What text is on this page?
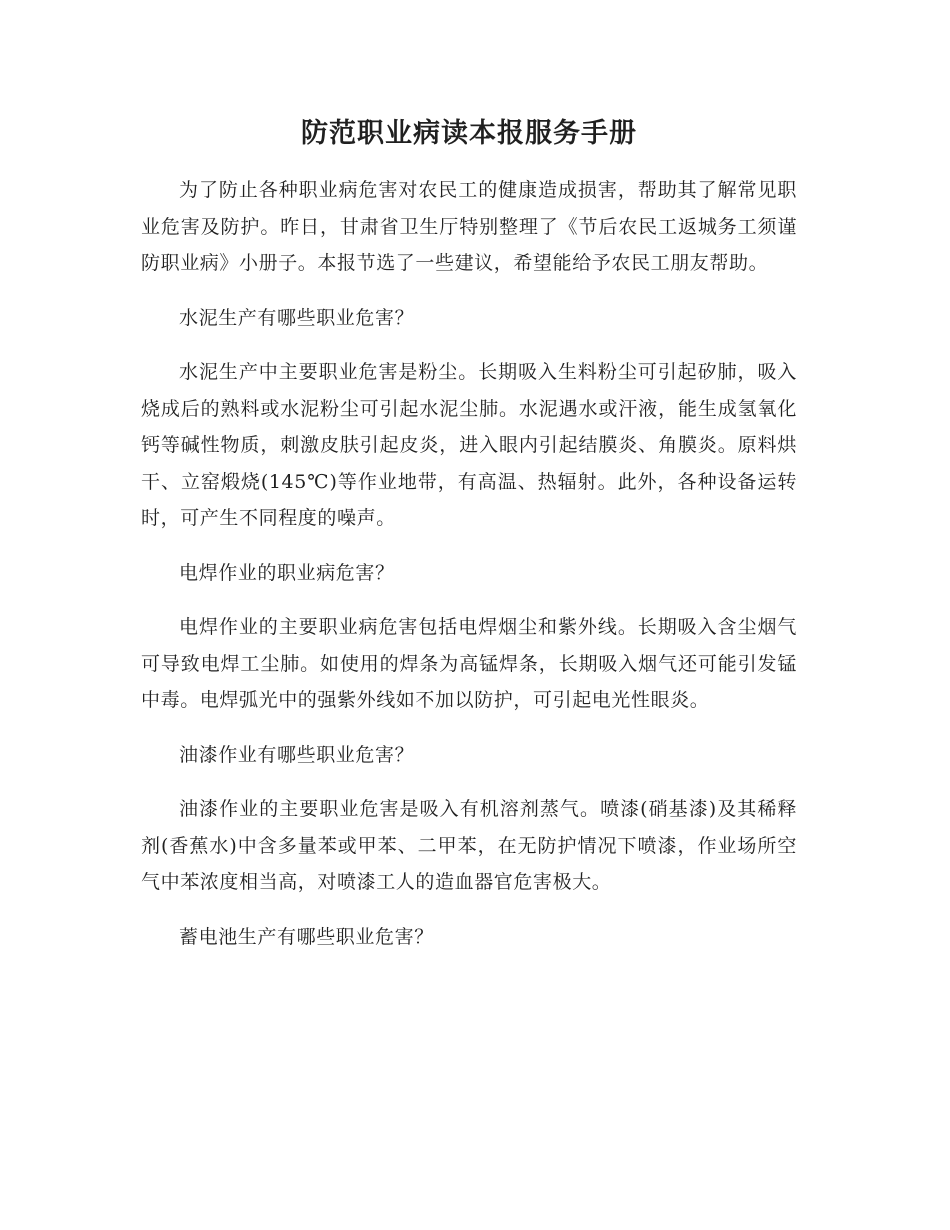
防范职业病读本报服务手册

为了防止各种职业病危害对农民工的健康造成损害，帮助其了解常见职业危害及防护。昨日，甘肃省卫生厅特别整理了《节后农民工返城务工须谨防职业病》小册子。本报节选了一些建议，希望能给予农民工朋友帮助。

水泥生产有哪些职业危害？

水泥生产中主要职业危害是粉尘。长期吸入生料粉尘可引起矽肺，吸入烧成后的熟料或水泥粉尘可引起水泥尘肺。水泥遇水或汗液，能生成氢氧化钙等碱性物质，刺激皮肤引起皮炎，进入眼内引起结膜炎、角膜炎。原料烘干、立窑煅烧(145℃)等作业地带，有高温、热辐射。此外，各种设备运转时，可产生不同程度的噪声。

电焊作业的职业病危害？

电焊作业的主要职业病危害包括电焊烟尘和紫外线。长期吸入含尘烟气可导致电焊工尘肺。如使用的焊条为高锰焊条，长期吸入烟气还可能引发锰中毒。电焊弧光中的强紫外线如不加以防护，可引起电光性眼炎。

油漆作业有哪些职业危害？

油漆作业的主要职业危害是吸入有机溶剂蒸气。喷漆(硝基漆)及其稀释剂(香蕉水)中含多量苯或甲苯、二甲苯，在无防护情况下喷漆，作业场所空气中苯浓度相当高，对喷漆工人的造血器官危害极大。

蓄电池生产有哪些职业危害？
